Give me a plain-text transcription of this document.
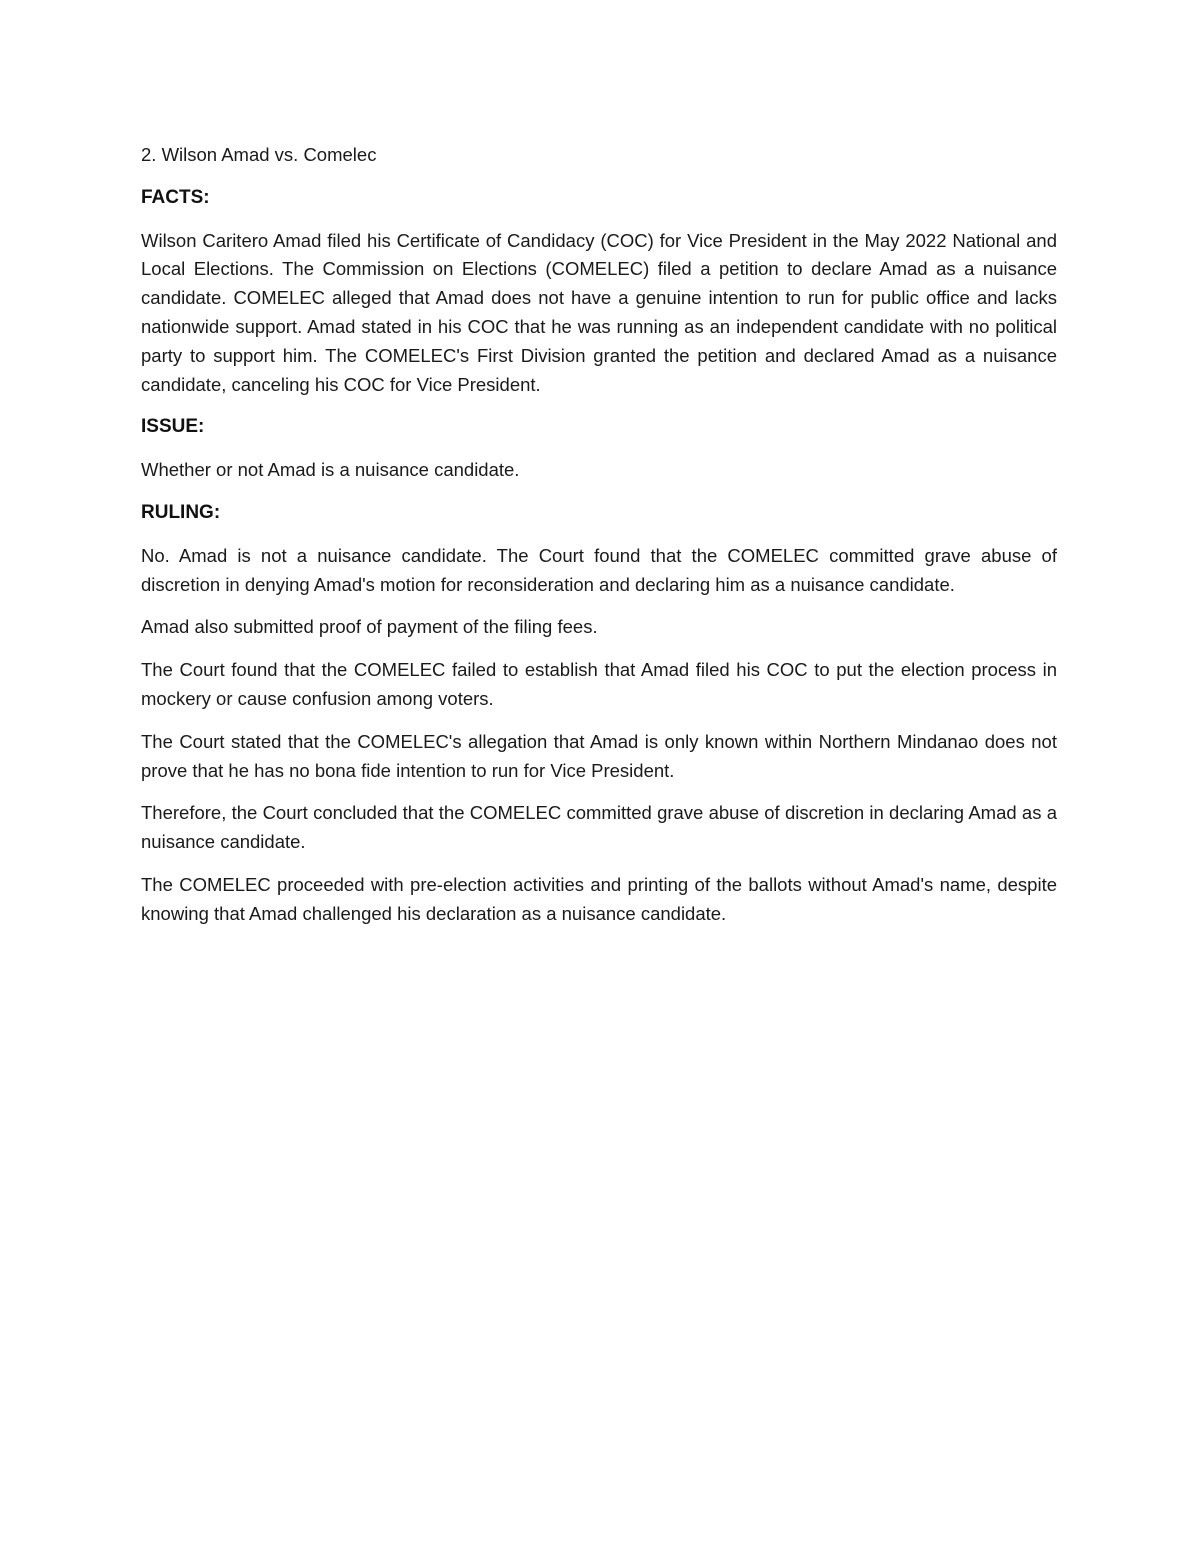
2. Wilson Amad vs. Comelec

FACTS:

Wilson Caritero Amad filed his Certificate of Candidacy (COC) for Vice President in the May 2022 National and Local Elections. The Commission on Elections (COMELEC) filed a petition to declare Amad as a nuisance candidate. COMELEC alleged that Amad does not have a genuine intention to run for public office and lacks nationwide support. Amad stated in his COC that he was running as an independent candidate with no political party to support him. The COMELEC's First Division granted the petition and declared Amad as a nuisance candidate, canceling his COC for Vice President.

ISSUE:

Whether or not Amad is a nuisance candidate.

RULING:

No. Amad is not a nuisance candidate. The Court found that the COMELEC committed grave abuse of discretion in denying Amad's motion for reconsideration and declaring him as a nuisance candidate.

Amad also submitted proof of payment of the filing fees.

The Court found that the COMELEC failed to establish that Amad filed his COC to put the election process in mockery or cause confusion among voters.

The Court stated that the COMELEC's allegation that Amad is only known within Northern Mindanao does not prove that he has no bona fide intention to run for Vice President.

Therefore, the Court concluded that the COMELEC committed grave abuse of discretion in declaring Amad as a nuisance candidate.

The COMELEC proceeded with pre-election activities and printing of the ballots without Amad's name, despite knowing that Amad challenged his declaration as a nuisance candidate.
